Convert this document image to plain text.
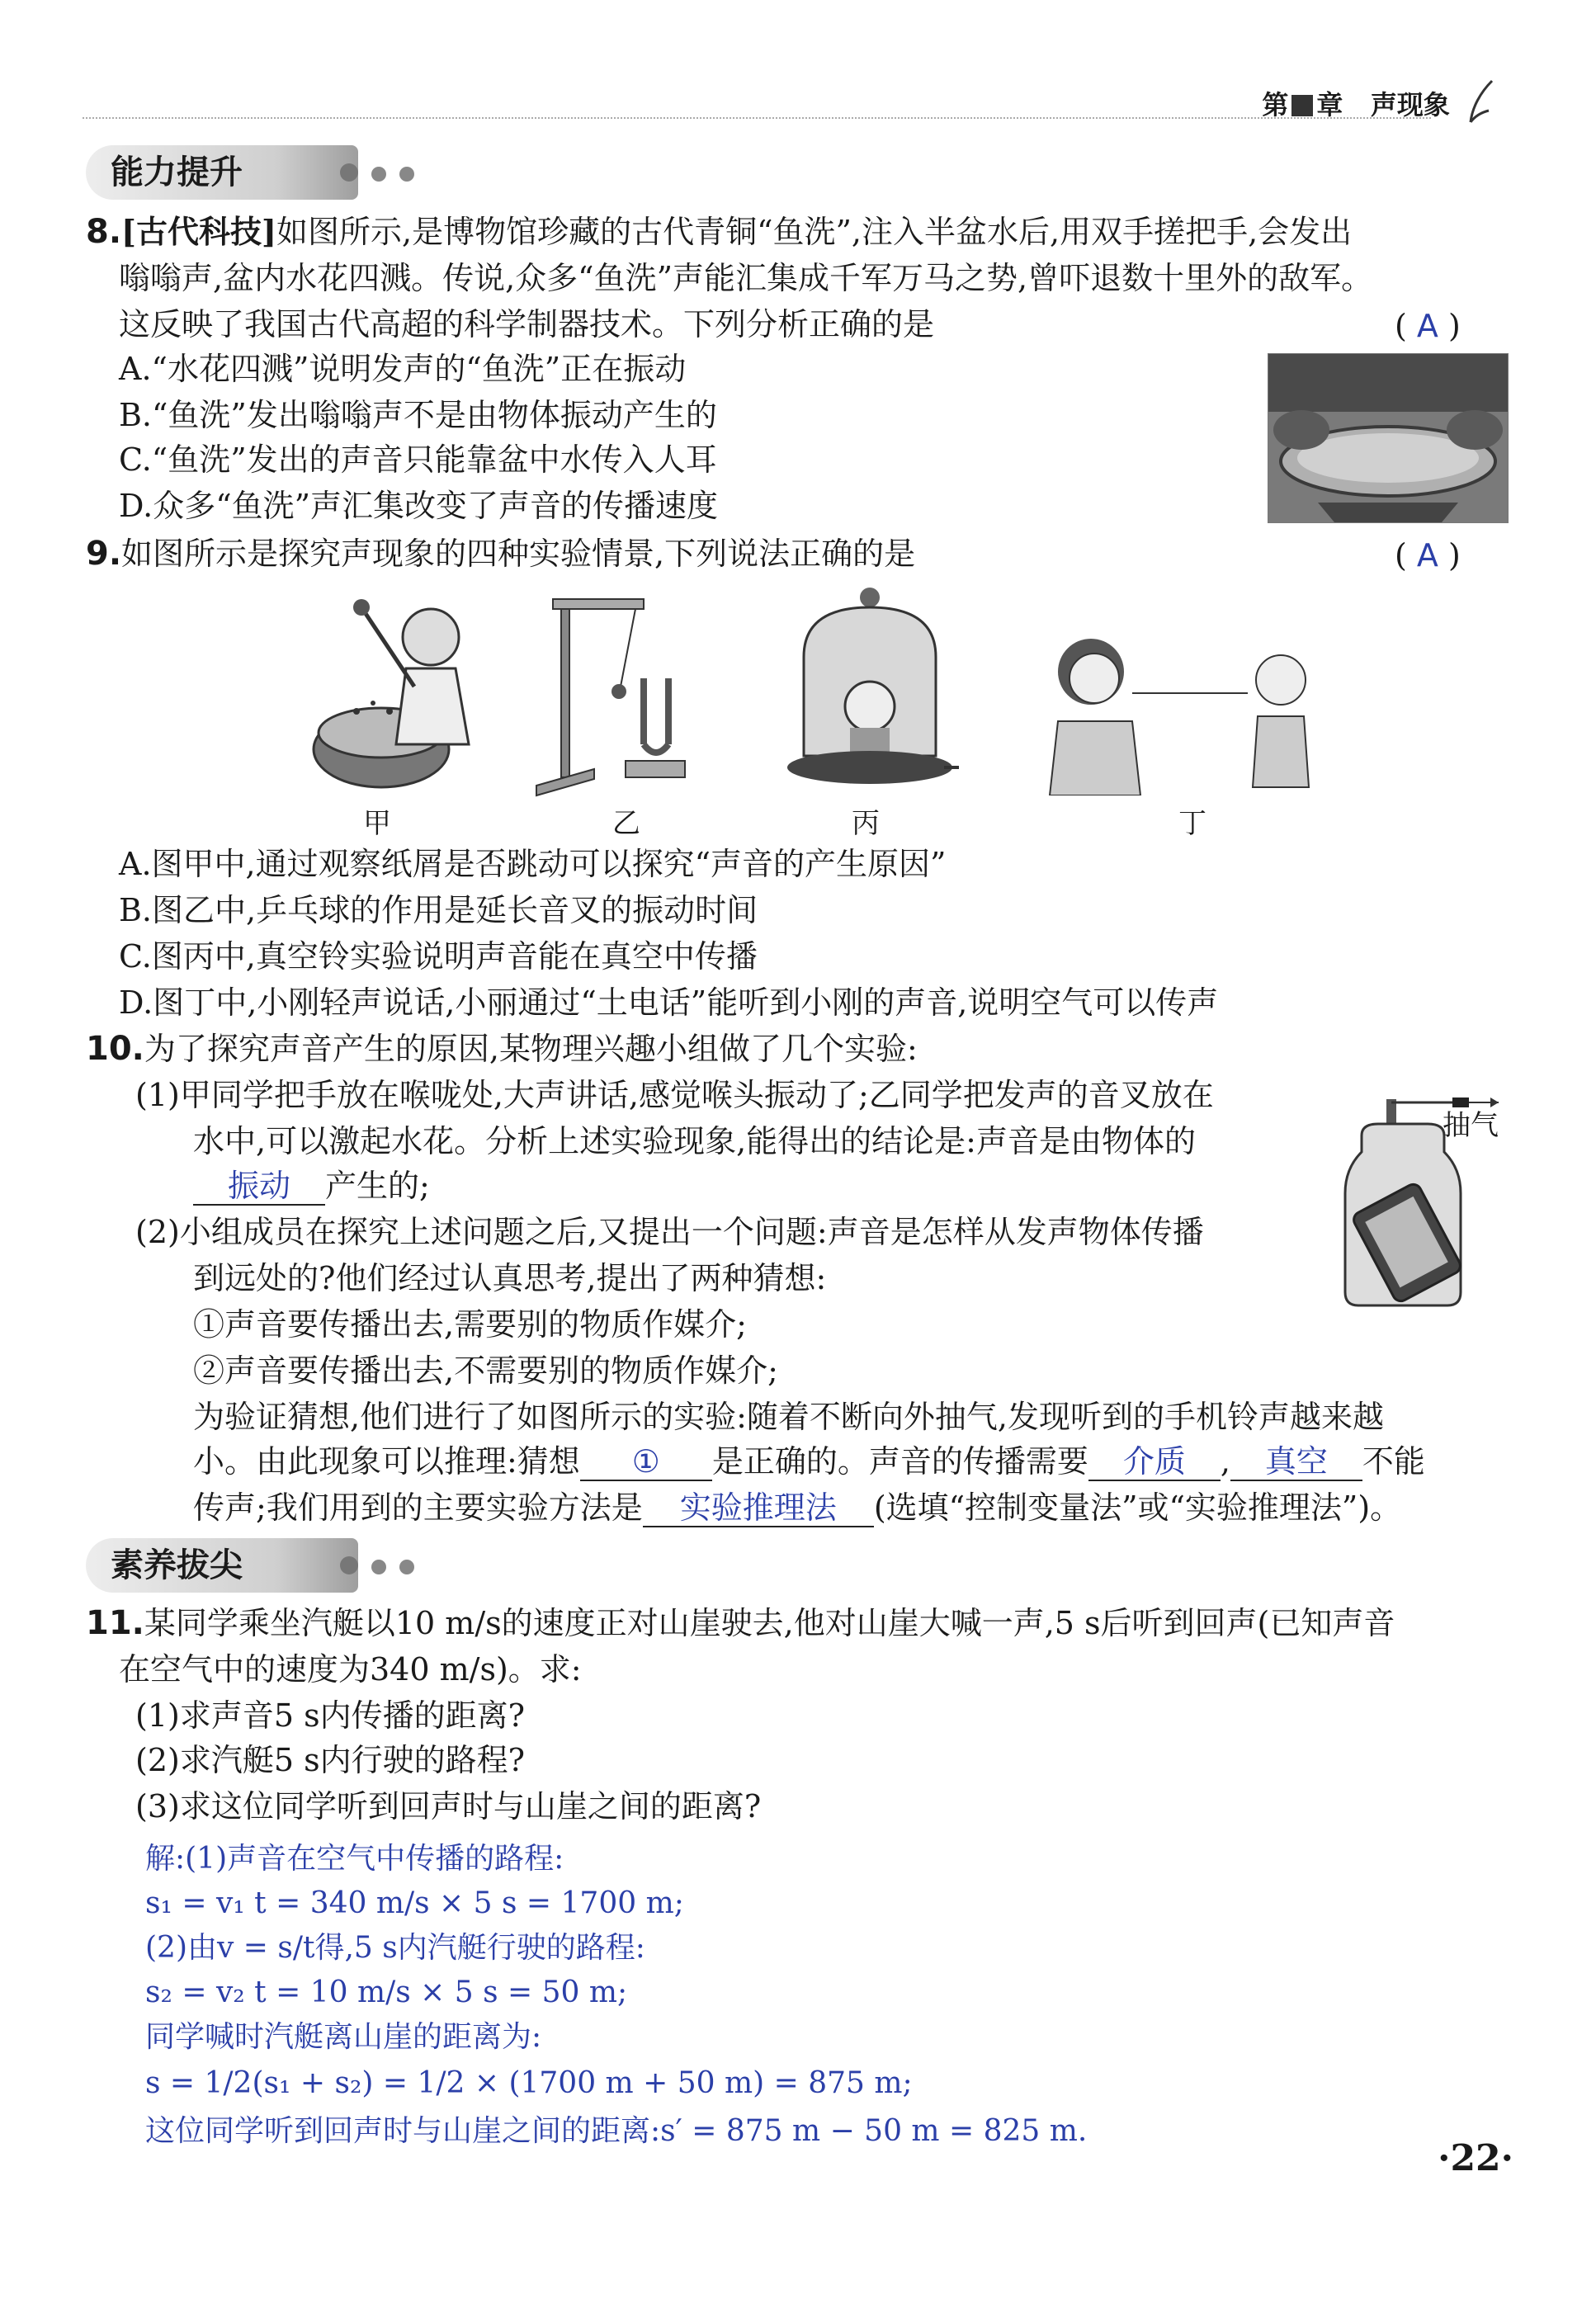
第 章 声现象
能力提升
8.[古代科技]如图所示,是博物馆珍藏的古代青铜“鱼洗”,注入半盆水后,用双手搓把手,会发出
嗡嗡声,盆内水花四溅。传说,众多“鱼洗”声能汇集成千军万马之势,曾吓退数十里外的敌军。
这反映了我国古代高超的科学制器技术。下列分析正确的是	( A )
A.“水花四溅”说明发声的“鱼洗”正在振动
B.“鱼洗”发出嗡嗡声不是由物体振动产生的
C.“鱼洗”发出的声音只能靠盆中水传入人耳
D.众多“鱼洗”声汇集改变了声音的传播速度
9.如图所示是探究声现象的四种实验情景,下列说法正确的是	( A )
甲	乙	丙	丁
A.图甲中,通过观察纸屑是否跳动可以探究“声音的产生原因”
B.图乙中,乒乓球的作用是延长音叉的振动时间
C.图丙中,真空铃实验说明声音能在真空中传播
D.图丁中,小刚轻声说话,小丽通过“土电话”能听到小刚的声音,说明空气可以传声
10.为了探究声音产生的原因,某物理兴趣小组做了几个实验:
(1)甲同学把手放在喉咙处,大声讲话,感觉喉头振动了;乙同学把发声的音叉放在
水中,可以激起水花。分析上述实验现象,能得出的结论是:声音是由物体的
振动 产生的;
(2)小组成员在探究上述问题之后,又提出一个问题:声音是怎样从发声物体传播
到远处的?他们经过认真思考,提出了两种猜想:
①声音要传播出去,需要别的物质作媒介;
②声音要传播出去,不需要别的物质作媒介;
为验证猜想,他们进行了如图所示的实验:随着不断向外抽气,发现听到的手机铃声越来越
小。由此现象可以推理:猜想 ① 是正确的。声音的传播需要 介质 , 真空 不能
传声;我们用到的主要实验方法是 实验推理法 (选填“控制变量法”或“实验推理法”)。
抽气
素养拔尖
11.某同学乘坐汽艇以10 m/s的速度正对山崖驶去,他对山崖大喊一声,5 s后听到回声(已知声音
在空气中的速度为340 m/s)。求:
(1)求声音5 s内传播的距离?
(2)求汽艇5 s内行驶的路程?
(3)求这位同学听到回声时与山崖之间的距离?
解:(1)声音在空气中传播的路程:
s₁ = v₁ t = 340 m/s × 5 s = 1700 m;
(2)由v = s/t得,5 s内汽艇行驶的路程:
s₂ = v₂ t = 10 m/s × 5 s = 50 m;
同学喊时汽艇离山崖的距离为:
s = 1/2(s₁ + s₂) = 1/2 × (1700 m + 50 m) = 875 m;
这位同学听到回声时与山崖之间的距离:s′ = 875 m − 50 m = 825 m.
·22·
